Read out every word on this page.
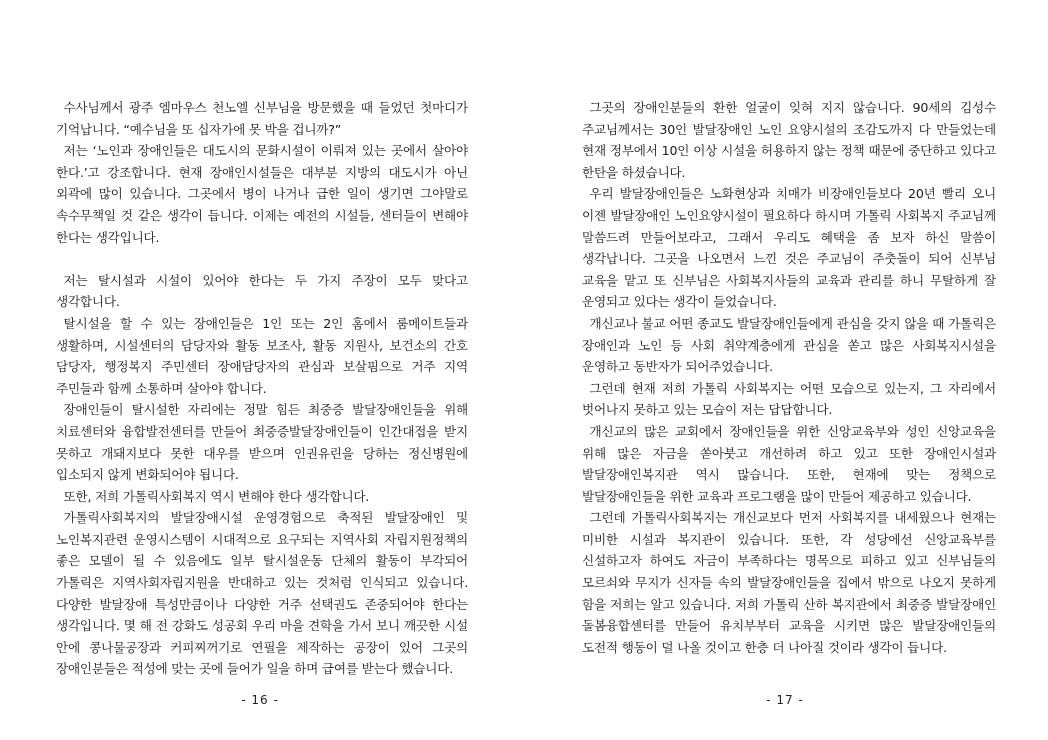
수사님께서 광주 엠마우스 천노엘 신부님을 방문했을 때 들었던 첫마디가 기억납니다. “예수님을 또 십자가에 못 박을 겁니까?”

저는 ‘노인과 장애인들은 대도시의 문화시설이 이뤄져 있는 곳에서 살아야 한다.’고 강조합니다. 현재 장애인시설들은 대부분 지방의 대도시가 아닌 외곽에 많이 있습니다. 그곳에서 병이 나거나 급한 일이 생기면 그야말로 속수무책일 것 같은 생각이 듭니다. 이제는 예전의 시설들, 센터들이 변해야 한다는 생각입니다.

저는 탈시설과 시설이 있어야 한다는 두 가지 주장이 모두 맞다고 생각합니다.

탈시설을 할 수 있는 장애인들은 1인 또는 2인 홈에서 룸메이트들과 생활하며, 시설센터의 담당자와 활동 보조사, 활동 지원사, 보건소의 간호 담당자, 행정복지 주민센터 장애담당자의 관심과 보살핌으로 거주 지역 주민들과 함께 소통하며 살아야 합니다.

장애인들이 탈시설한 자리에는 정말 힘든 최중증 발달장애인들을 위해 치료센터와 융합발전센터를 만들어 최중증발달장애인들이 인간대접을 받지 못하고 개돼지보다 못한 대우를 받으며 인권유린을 당하는 정신병원에 입소되지 않게 변화되어야 됩니다.

또한, 저희 가톨릭사회복지 역시 변해야 한다 생각합니다.

가톨릭사회복지의 발달장애시설 운영경험으로 축적된 발달장애인 및 노인복지관련 운영시스템이 시대적으로 요구되는 지역사회 자립지원정책의 좋은 모델이 될 수 있음에도 일부 탈시설운동 단체의 활동이 부각되어 가톨릭은 지역사회자립지원을 반대하고 있는 것처럼 인식되고 있습니다. 다양한 발달장애 특성만큼이나 다양한 거주 선택권도 존중되어야 한다는 생각입니다. 몇 해 전 강화도 성공회 우리 마을 견학을 가서 보니 깨끗한 시설 안에 콩나물공장과 커피찌꺼기로 연필을 제작하는 공장이 있어 그곳의 장애인분들은 적성에 맞는 곳에 들어가 일을 하며 급여를 받는다 했습니다.

- 16 -

그곳의 장애인분들의 환한 얼굴이 잊혀 지지 않습니다. 90세의 김성수 주교님께서는 30인 발달장애인 노인 요양시설의 조감도까지 다 만들었는데 현재 정부에서 10인 이상 시설을 허용하지 않는 정책 때문에 중단하고 있다고 한탄을 하셨습니다.

우리 발달장애인들은 노화현상과 치매가 비장애인들보다 20년 빨리 오니 이젠 발달장애인 노인요양시설이 필요하다 하시며 가톨릭 사회복지 주교님께 말씀드려 만들어보라고, 그래서 우리도 혜택을 좀 보자 하신 말씀이 생각납니다. 그곳을 나오면서 느낀 것은 주교님이 주춧돌이 되어 신부님 교육을 맡고 또 신부님은 사회복지사들의 교육과 관리를 하니 무탈하게 잘 운영되고 있다는 생각이 들었습니다.

개신교나 불교 어떤 종교도 발달장애인들에게 관심을 갖지 않을 때 가톨릭은 장애인과 노인 등 사회 취약계층에게 관심을 쏟고 많은 사회복지시설을 운영하고 동반자가 되어주었습니다.

그런데 현재 저희 가톨릭 사회복지는 어떤 모습으로 있는지, 그 자리에서 벗어나지 못하고 있는 모습이 저는 답답합니다.

개신교의 많은 교회에서 장애인들을 위한 신앙교육부와 성인 신앙교육을 위해 많은 자금을 쏟아붓고 개선하려 하고 있고 또한 장애인시설과 발달장애인복지관 역시 많습니다. 또한, 현재에 맞는 정책으로 발달장애인들을 위한 교육과 프로그램을 많이 만들어 제공하고 있습니다.

그런데 가톨릭사회복지는 개신교보다 먼저 사회복지를 내세웠으나 현재는 미비한 시설과 복지관이 있습니다. 또한, 각 성당에선 신앙교육부를 신설하고자 하여도 자금이 부족하다는 명목으로 피하고 있고 신부님들의 모르쇠와 무지가 신자들 속의 발달장애인들을 집에서 밖으로 나오지 못하게 함을 저희는 알고 있습니다. 저희 가톨릭 산하 복지관에서 최중증 발달장애인 돌봄융합센터를 만들어 유치부부터 교육을 시키면 많은 발달장애인들의 도전적 행동이 덜 나올 것이고 한층 더 나아질 것이라 생각이 듭니다.

- 17 -
